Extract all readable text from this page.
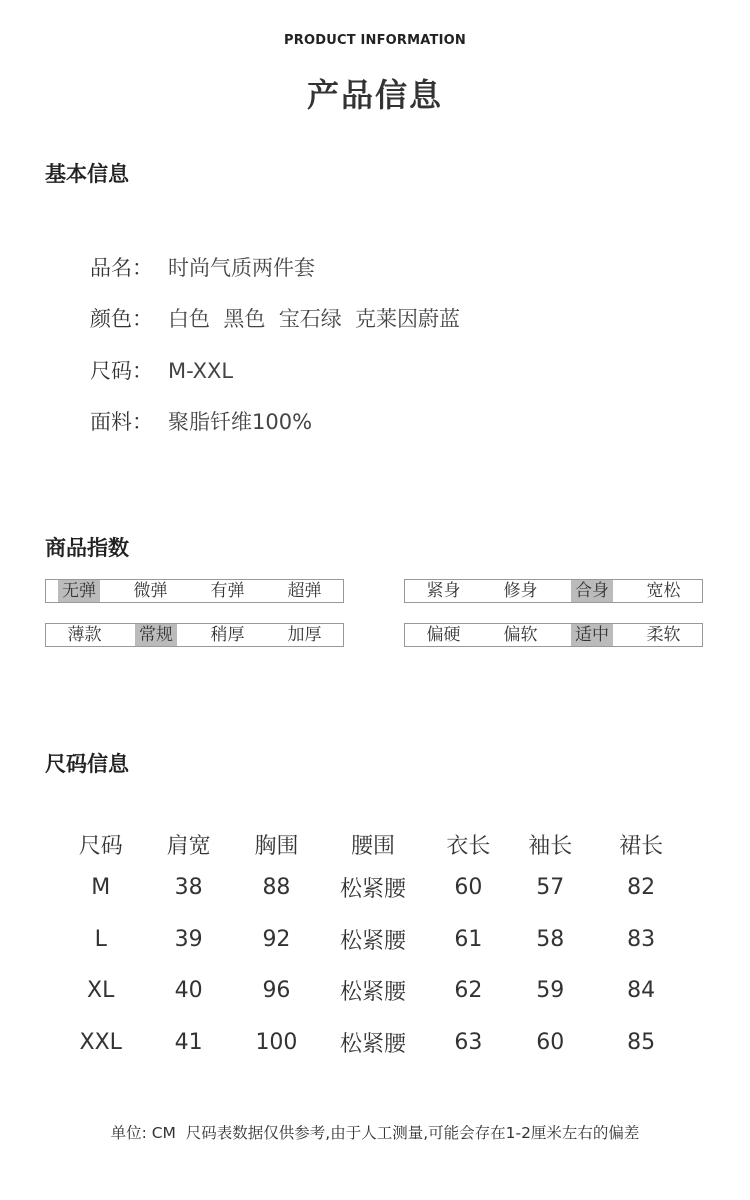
PRODUCT INFORMATION
产品信息
基本信息
品名： 时尚气质两件套
颜色： 白色  黑色  宝石绿  克莱因蔚蓝
尺码： M-XXL
面料： 聚脂钎维100%
商品指数
无弹	微弹	有弹	超弹	紧身	修身	合身	宽松
薄款	常规	稍厚	加厚	偏硬	偏软	适中	柔软
尺码信息
尺码	肩宽	胸围	腰围	衣长	袖长	裙长
M	38	88	松紧腰	60	57	82
L	39	92	松紧腰	61	58	83
XL	40	96	松紧腰	62	59	84
XXL	41	100	松紧腰	63	60	85
单位: CM  尺码表数据仅供参考,由于人工测量,可能会存在1-2厘米左右的偏差
